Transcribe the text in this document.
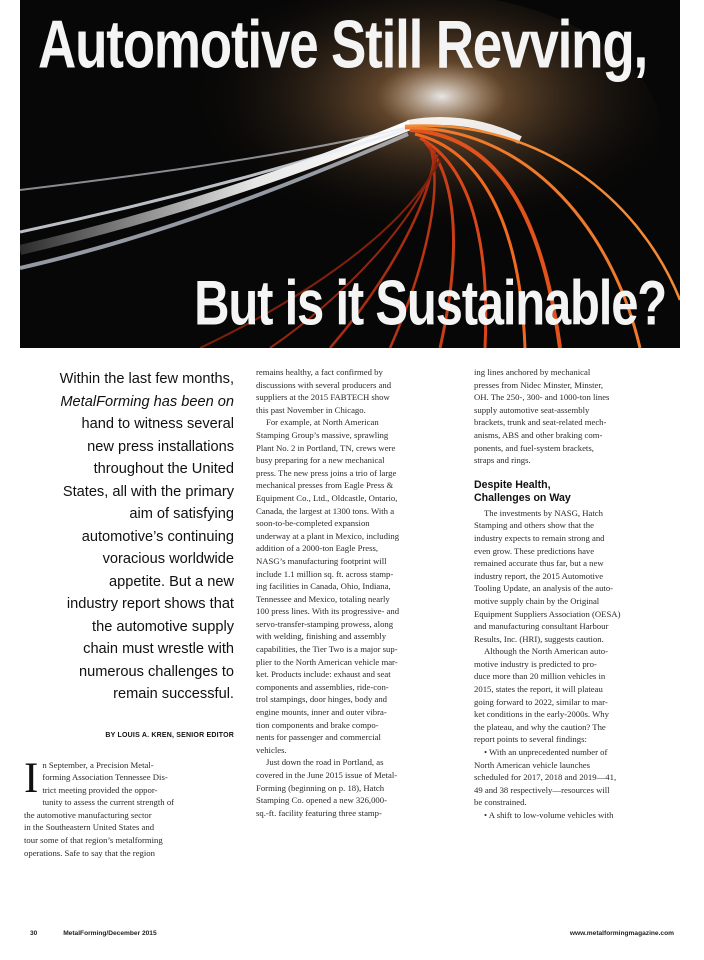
Automotive Still Revving,
But is it Sustainable?
Within the last few months,
MetalForming has been on
hand to witness several
new press installations
throughout the United
States, all with the primary
aim of satisfying
automotive’s continuing
voracious worldwide
appetite. But a new
industry report shows that
the automotive supply
chain must wrestle with
numerous challenges to
remain successful.
BY LOUIS A. KREN, SENIOR EDITOR
I n September, a Precision Metal-
forming Association Tennessee Dis-
trict meeting provided the oppor-
tunity to assess the current strength of
the automotive manufacturing sector
in the Southeastern United States and
tour some of that region’s metalforming
operations. Safe to say that the region
remains healthy, a fact confirmed by
discussions with several producers and
suppliers at the 2015 FABTECH show
this past November in Chicago.
For example, at North American
Stamping Group’s massive, sprawling
Plant No. 2 in Portland, TN, crews were
busy preparing for a new mechanical
press. The new press joins a trio of large
mechanical presses from Eagle Press &
Equipment Co., Ltd., Oldcastle, Ontario,
Canada, the largest at 1300 tons. With a
soon-to-be-completed expansion
underway at a plant in Mexico, including
addition of a 2000-ton Eagle Press,
NASG’s manufacturing footprint will
include 1.1 million sq. ft. across stamp-
ing facilities in Canada, Ohio, Indiana,
Tennessee and Mexico, totaling nearly
100 press lines. With its progressive- and
servo-transfer-stamping prowess, along
with welding, finishing and assembly
capabilities, the Tier Two is a major sup-
plier to the North American vehicle mar-
ket. Products include: exhaust and seat
components and assemblies, ride-con-
trol stampings, door hinges, body and
engine mounts, inner and outer vibra-
tion components and brake compo-
nents for passenger and commercial
vehicles.
Just down the road in Portland, as
covered in the June 2015 issue of Metal-
Forming (beginning on p. 18), Hatch
Stamping Co. opened a new 326,000-
sq.-ft. facility featuring three stamp-
ing lines anchored by mechanical
presses from Nidec Minster, Minster,
OH. The 250-, 300- and 1000-ton lines
supply automotive seat-assembly
brackets, trunk and seat-related mech-
anisms, ABS and other braking com-
ponents, and fuel-system brackets,
straps and rings.
Despite Health,
Challenges on Way
The investments by NASG, Hatch
Stamping and others show that the
industry expects to remain strong and
even grow. These predictions have
remained accurate thus far, but a new
industry report, the 2015 Automotive
Tooling Update, an analysis of the auto-
motive supply chain by the Original
Equipment Suppliers Association (OESA)
and manufacturing consultant Harbour
Results, Inc. (HRI), suggests caution.
Although the North American auto-
motive industry is predicted to pro-
duce more than 20 million vehicles in
2015, states the report, it will plateau
going forward to 2022, similar to mar-
ket conditions in the early-2000s. Why
the plateau, and why the caution? The
report points to several findings:
• With an unprecedented number of
North American vehicle launches
scheduled for 2017, 2018 and 2019—41,
49 and 38 respectively—resources will
be constrained.
• A shift to low-volume vehicles with
30	MetalForming/December 2015	www.metalformingmagazine.com
